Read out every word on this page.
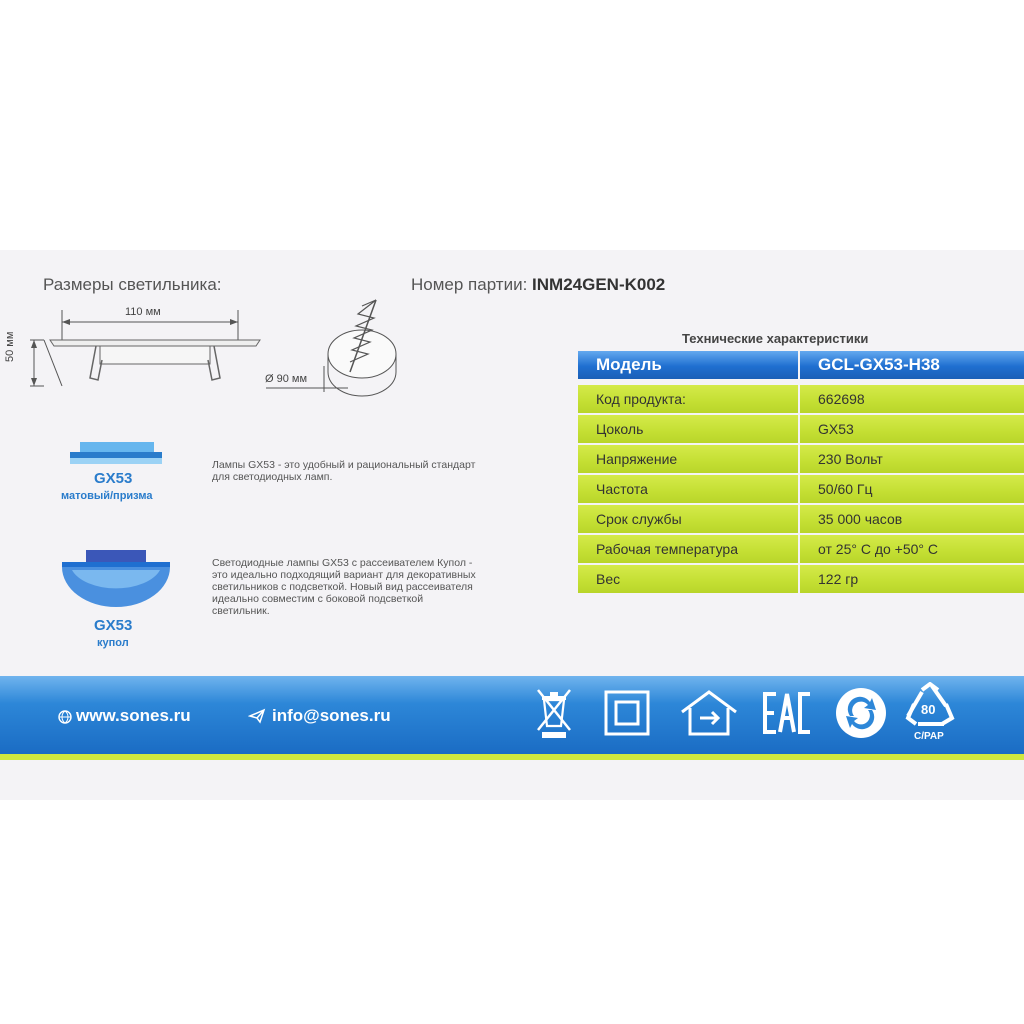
Размеры светильника:	Номер партии: INM24GEN-K002
110 мм
50 мм
Ø 90 мм
GX53
матовый/призма
Лампы GX53 - это удобный и рациональный стандарт
для светодиодных ламп.
GX53
купол
Светодиодные лампы GX53 с рассеивателем Купол -
это идеально подходящий вариант для декоративных
светильников с подсветкой. Новый вид рассеивателя
идеально совместим с боковой подсветкой
светильник.
Технические характеристики
Модель	GCL-GX53-H38
Код продукта:	662698
Цоколь	GX53
Напряжение	230 Вольт
Частота	50/60 Гц
Срок службы	35 000 часов
Рабочая температура	от 25° С до +50° С
Вес	122 гр
www.sones.ru	info@sones.ru	80
C/PAP
